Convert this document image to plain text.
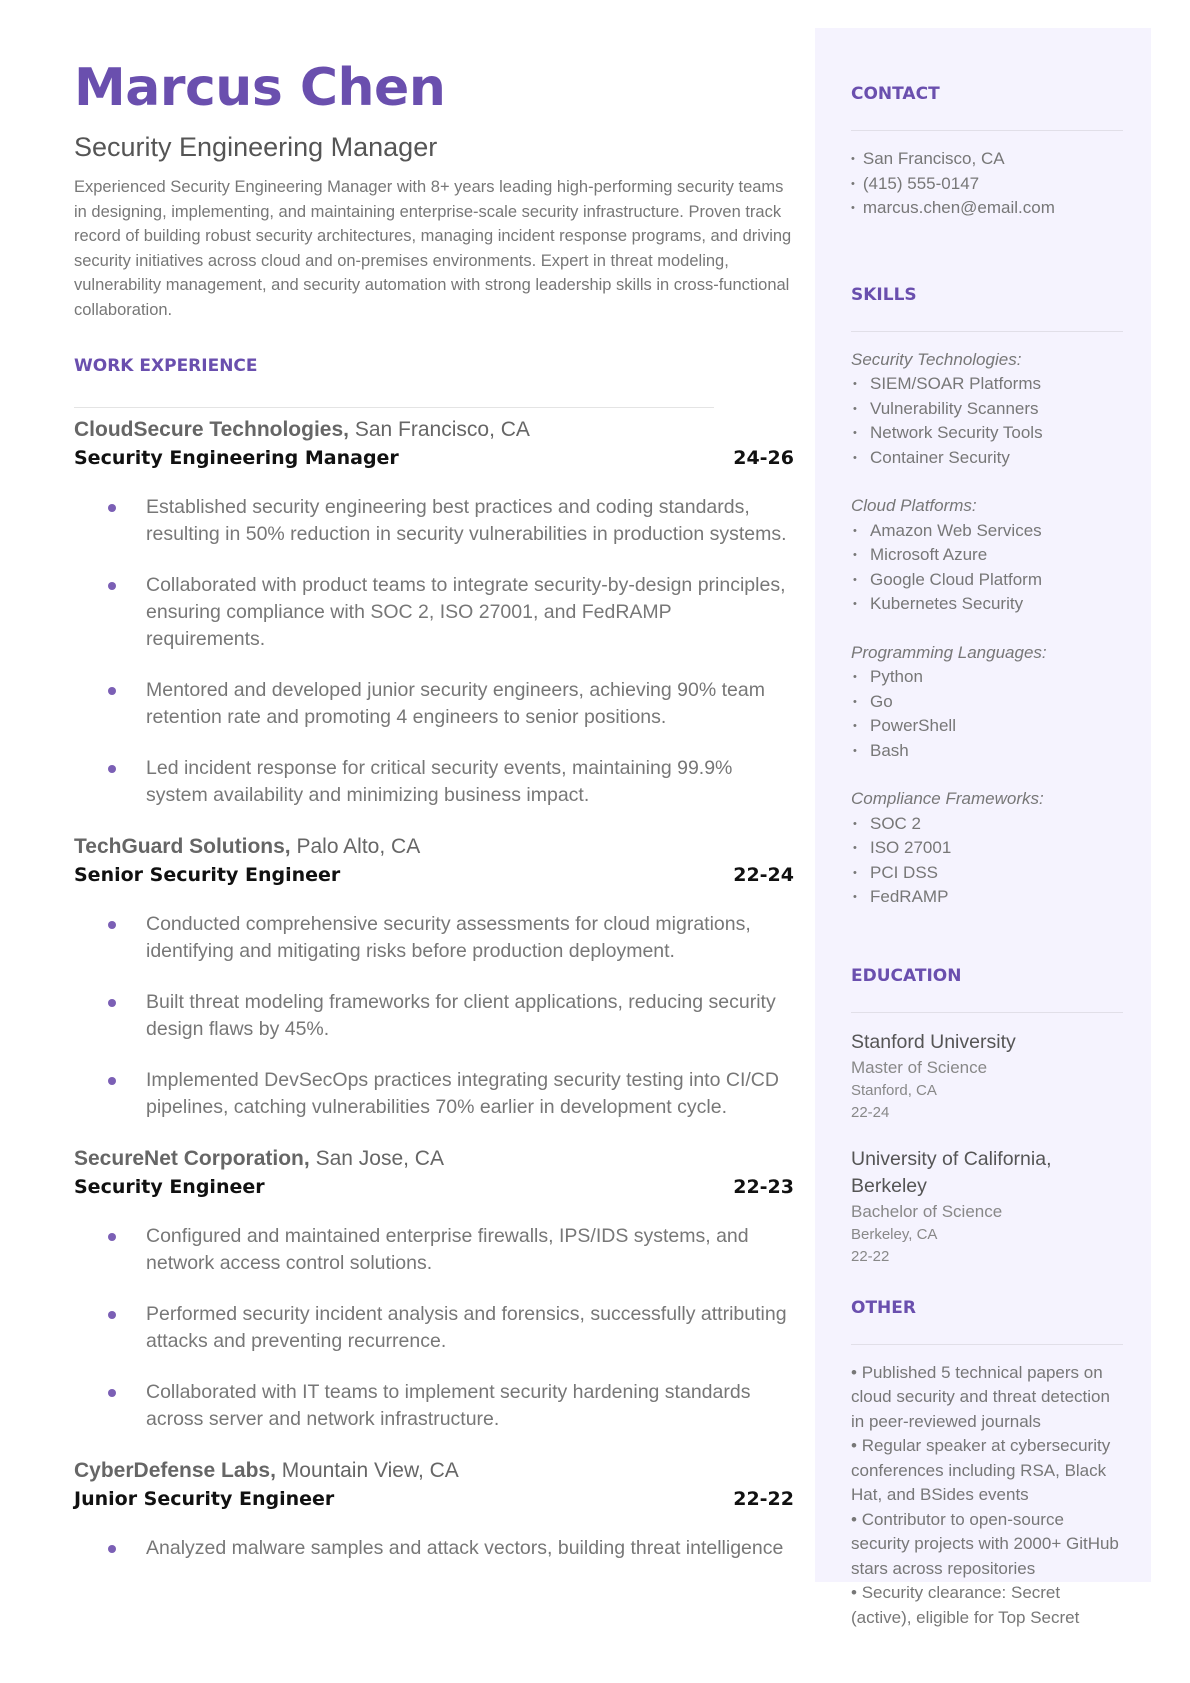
Marcus Chen
Security Engineering Manager

Experienced Security Engineering Manager with 8+ years leading high-performing security teams in designing, implementing, and maintaining enterprise-scale security infrastructure. Proven track record of building robust security architectures, managing incident response programs, and driving security initiatives across cloud and on-premises environments. Expert in threat modeling, vulnerability management, and security automation with strong leadership skills in cross-functional collaboration.

WORK EXPERIENCE
CloudSecure Technologies, San Francisco, CA
Security Engineering Manager	24-26
Established security engineering best practices and coding standards, resulting in 50% reduction in security vulnerabilities in production systems.
Collaborated with product teams to integrate security-by-design principles, ensuring compliance with SOC 2, ISO 27001, and FedRAMP requirements.
Mentored and developed junior security engineers, achieving 90% team retention rate and promoting 4 engineers to senior positions.
Led incident response for critical security events, maintaining 99.9% system availability and minimizing business impact.
TechGuard Solutions, Palo Alto, CA
Senior Security Engineer	22-24
Conducted comprehensive security assessments for cloud migrations, identifying and mitigating risks before production deployment.
Built threat modeling frameworks for client applications, reducing security design flaws by 45%.
Implemented DevSecOps practices integrating security testing into CI/CD pipelines, catching vulnerabilities 70% earlier in development cycle.
SecureNet Corporation, San Jose, CA
Security Engineer	22-23
Configured and maintained enterprise firewalls, IPS/IDS systems, and network access control solutions.
Performed security incident analysis and forensics, successfully attributing attacks and preventing recurrence.
Collaborated with IT teams to implement security hardening standards across server and network infrastructure.
CyberDefense Labs, Mountain View, CA
Junior Security Engineer	22-22
Analyzed malware samples and attack vectors, building threat intelligence
CONTACT
• San Francisco, CA
• (415) 555-0147
• marcus.chen@email.com
SKILLS
Security Technologies:
• SIEM/SOAR Platforms
• Vulnerability Scanners
• Network Security Tools
• Container Security
Cloud Platforms:
• Amazon Web Services
• Microsoft Azure
• Google Cloud Platform
• Kubernetes Security
Programming Languages:
• Python
• Go
• PowerShell
• Bash
Compliance Frameworks:
• SOC 2
• ISO 27001
• PCI DSS
• FedRAMP
EDUCATION
Stanford University
Master of Science
Stanford, CA
22-24
University of California, Berkeley
Bachelor of Science
Berkeley, CA
22-22
OTHER
• Published 5 technical papers on cloud security and threat detection in peer-reviewed journals
• Regular speaker at cybersecurity conferences including RSA, Black Hat, and BSides events
• Contributor to open-source security projects with 2000+ GitHub stars across repositories
• Security clearance: Secret (active), eligible for Top Secret
